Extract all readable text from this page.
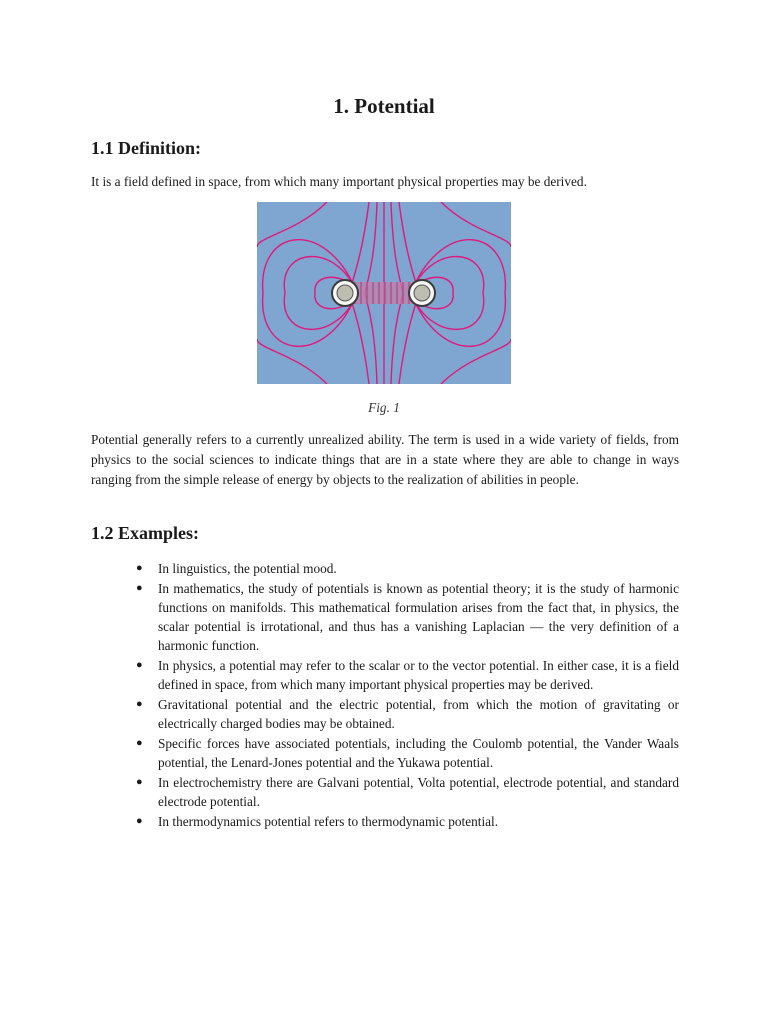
1. Potential
1.1 Definition:

It is a field defined in space, from which many important physical properties may be derived.

Fig. 1

Potential generally refers to a currently unrealized ability. The term is used in a wide variety of fields, from physics to the social sciences to indicate things that are in a state where they are able to change in ways ranging from the simple release of energy by objects to the realization of abilities in people.

1.2 Examples:
● In linguistics, the potential mood.
● In mathematics, the study of potentials is known as potential theory; it is the study of harmonic functions on manifolds. This mathematical formulation arises from the fact that, in physics, the scalar potential is irrotational, and thus has a vanishing Laplacian — the very definition of a harmonic function.
● In physics, a potential may refer to the scalar or to the vector potential. In either case, it is a field defined in space, from which many important physical properties may be derived.
● Gravitational potential and the electric potential, from which the motion of gravitating or electrically charged bodies may be obtained.
● Specific forces have associated potentials, including the Coulomb potential, the Vander Waals potential, the Lenard-Jones potential and the Yukawa potential.
● In electrochemistry there are Galvani potential, Volta potential, electrode potential, and standard electrode potential.
● In thermodynamics potential refers to thermodynamic potential.
